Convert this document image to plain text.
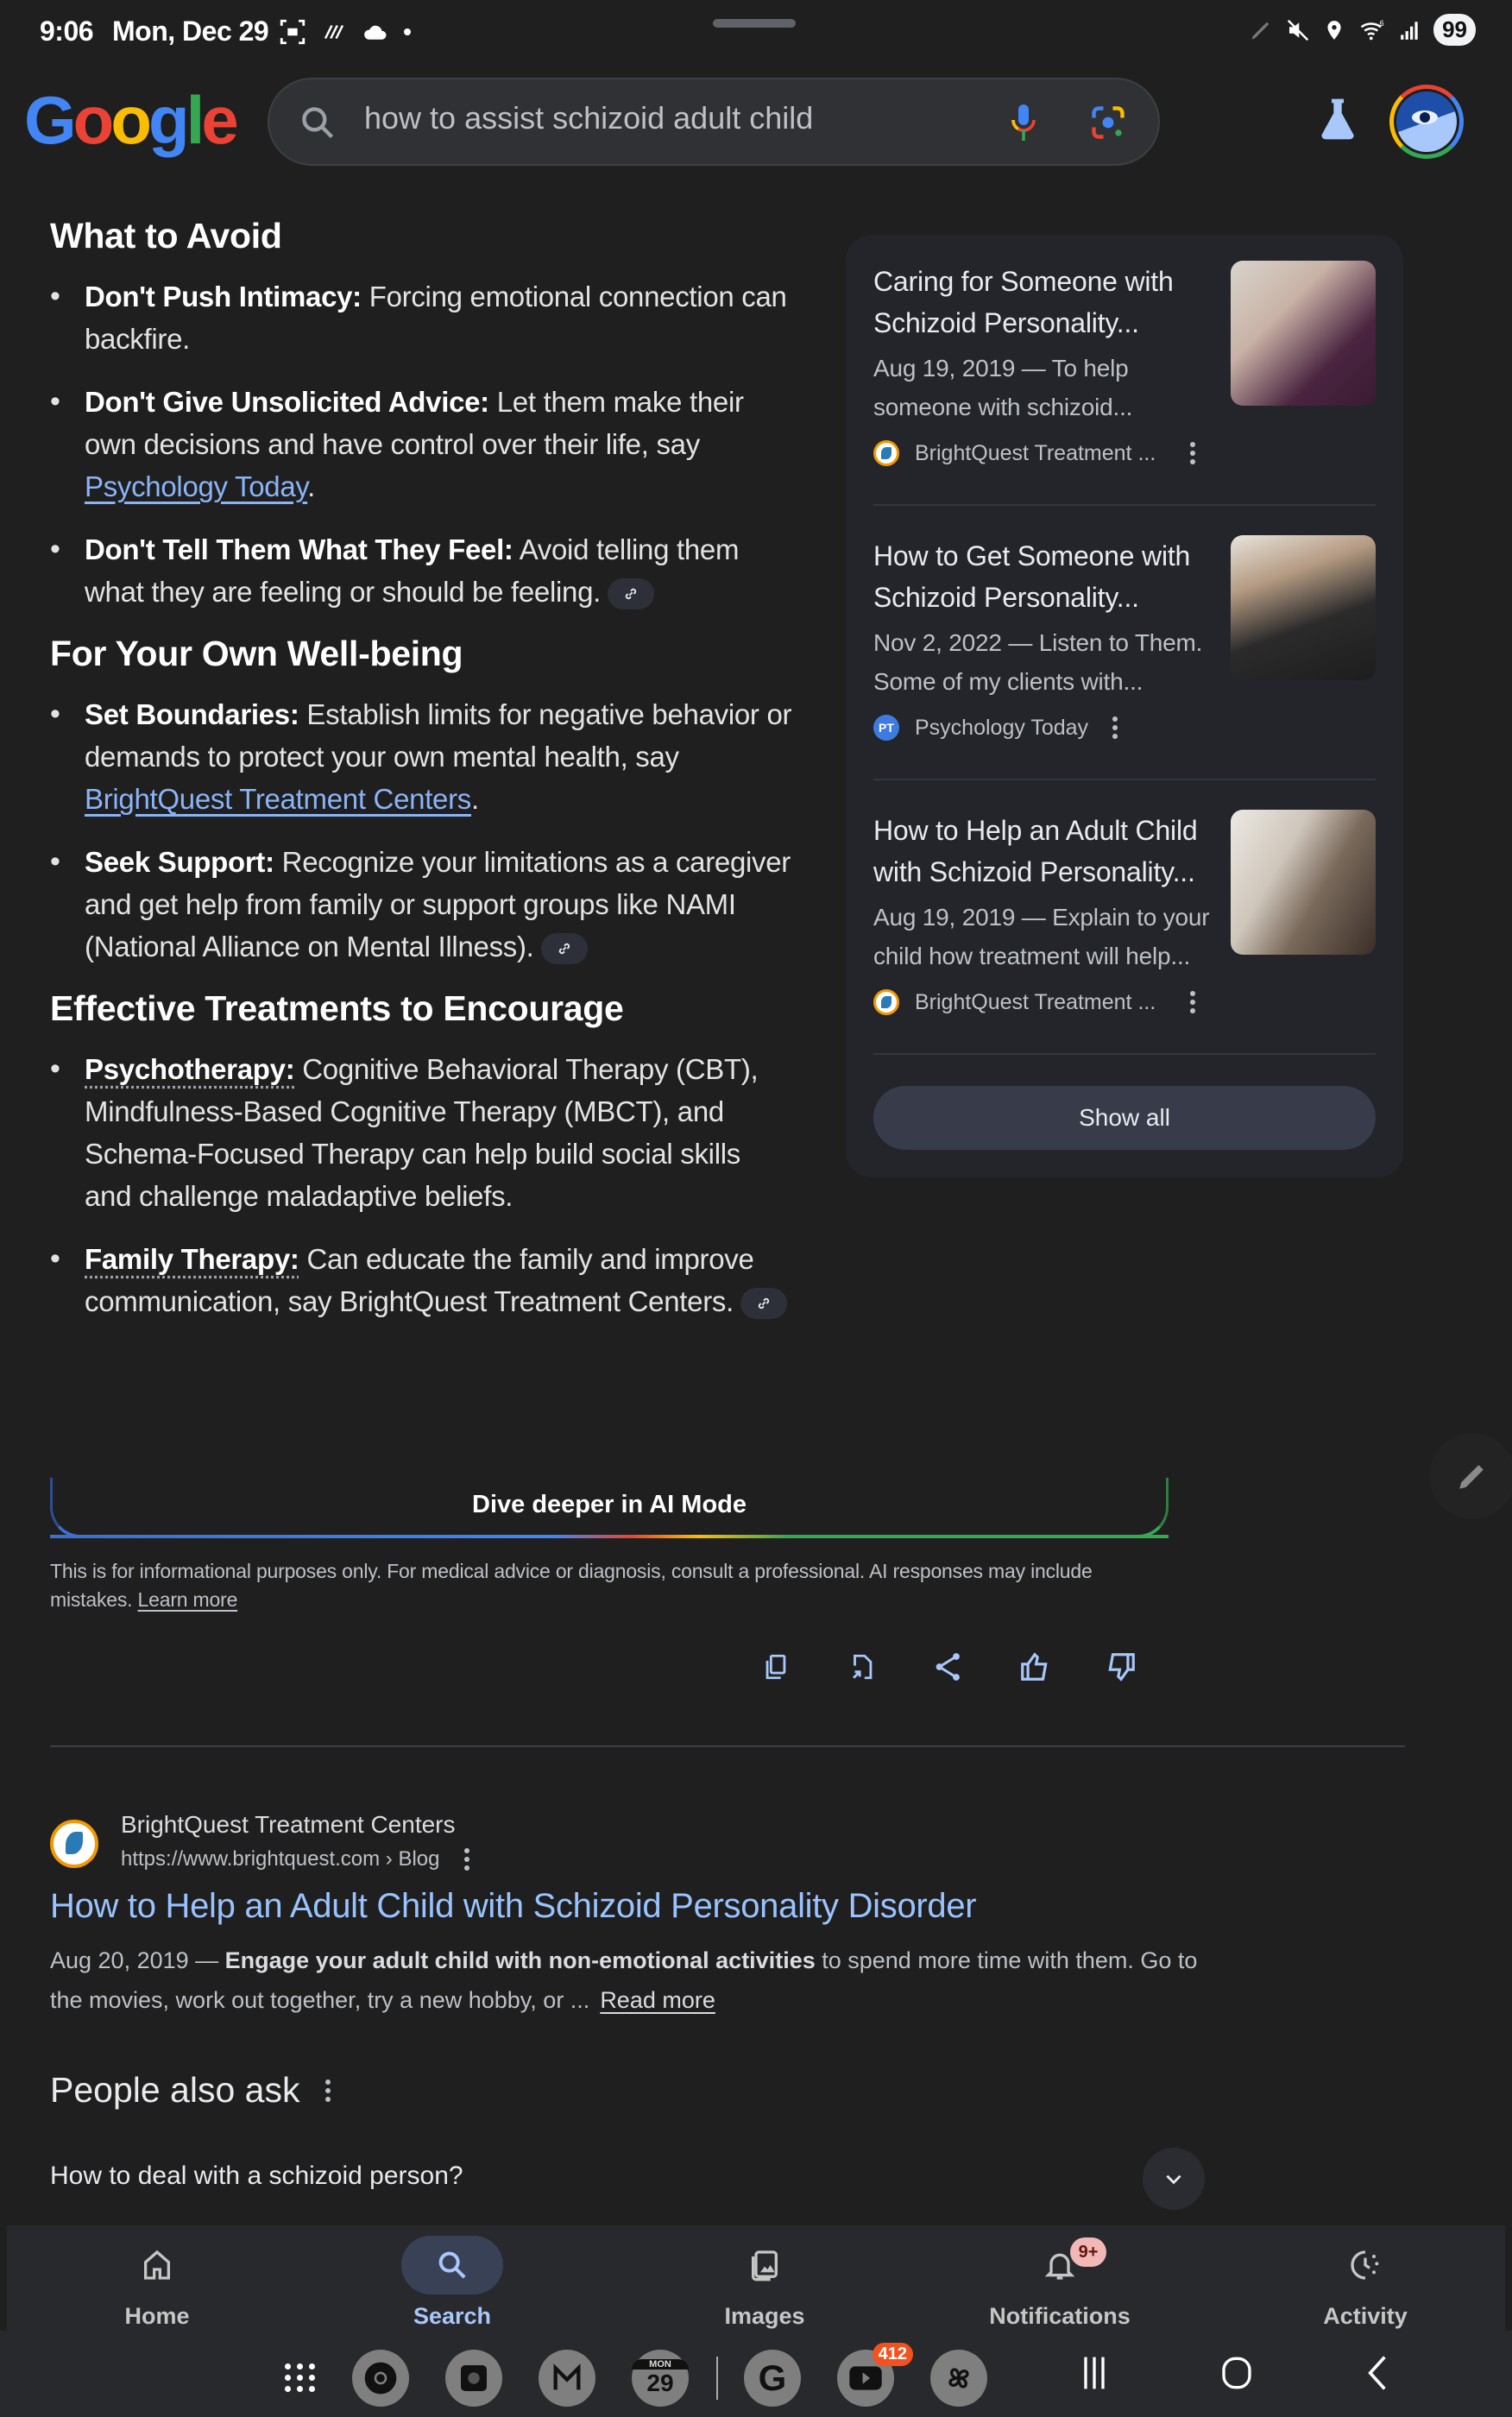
9:06 Mon, Dec 29	6	99
Google
how to assist schizoid adult child
What to Avoid
• Don't Push Intimacy: Forcing emotional connection can backfire.
• Don't Give Unsolicited Advice: Let them make their own decisions and have control over their life, say Psychology Today.
• Don't Tell Them What They Feel: Avoid telling them what they are feeling or should be feeling.
For Your Own Well-being
• Set Boundaries: Establish limits for negative behavior or demands to protect your own mental health, say BrightQuest Treatment Centers.
• Seek Support: Recognize your limitations as a caregiver and get help from family or support groups like NAMI (National Alliance on Mental Illness).
Effective Treatments to Encourage
• Psychotherapy: Cognitive Behavioral Therapy (CBT), Mindfulness-Based Cognitive Therapy (MBCT), and Schema-Focused Therapy can help build social skills and challenge maladaptive beliefs.
• Family Therapy: Can educate the family and improve communication, say BrightQuest Treatment Centers.
Caring for Someone with Schizoid Personality...
Aug 19, 2019 — To help someone with schizoid...
BrightQuest Treatment ...
How to Get Someone with Schizoid Personality...
Nov 2, 2022 — Listen to Them. Some of my clients with...
PT Psychology Today
How to Help an Adult Child with Schizoid Personality...
Aug 19, 2019 — Explain to your child how treatment will help...
BrightQuest Treatment ...
Show all
Dive deeper in AI Mode
This is for informational purposes only. For medical advice or diagnosis, consult a professional. AI responses may include mistakes. Learn more
BrightQuest Treatment Centers
https://www.brightquest.com › Blog
How to Help an Adult Child with Schizoid Personality Disorder
Aug 20, 2019 — Engage your adult child with non-emotional activities to spend more time with them. Go to the movies, work out together, try a new hobby, or ... Read more
People also ask
How to deal with a schizoid person?
Home	Search	Images
9+
Notifications	Activity
MON
29	G
412
